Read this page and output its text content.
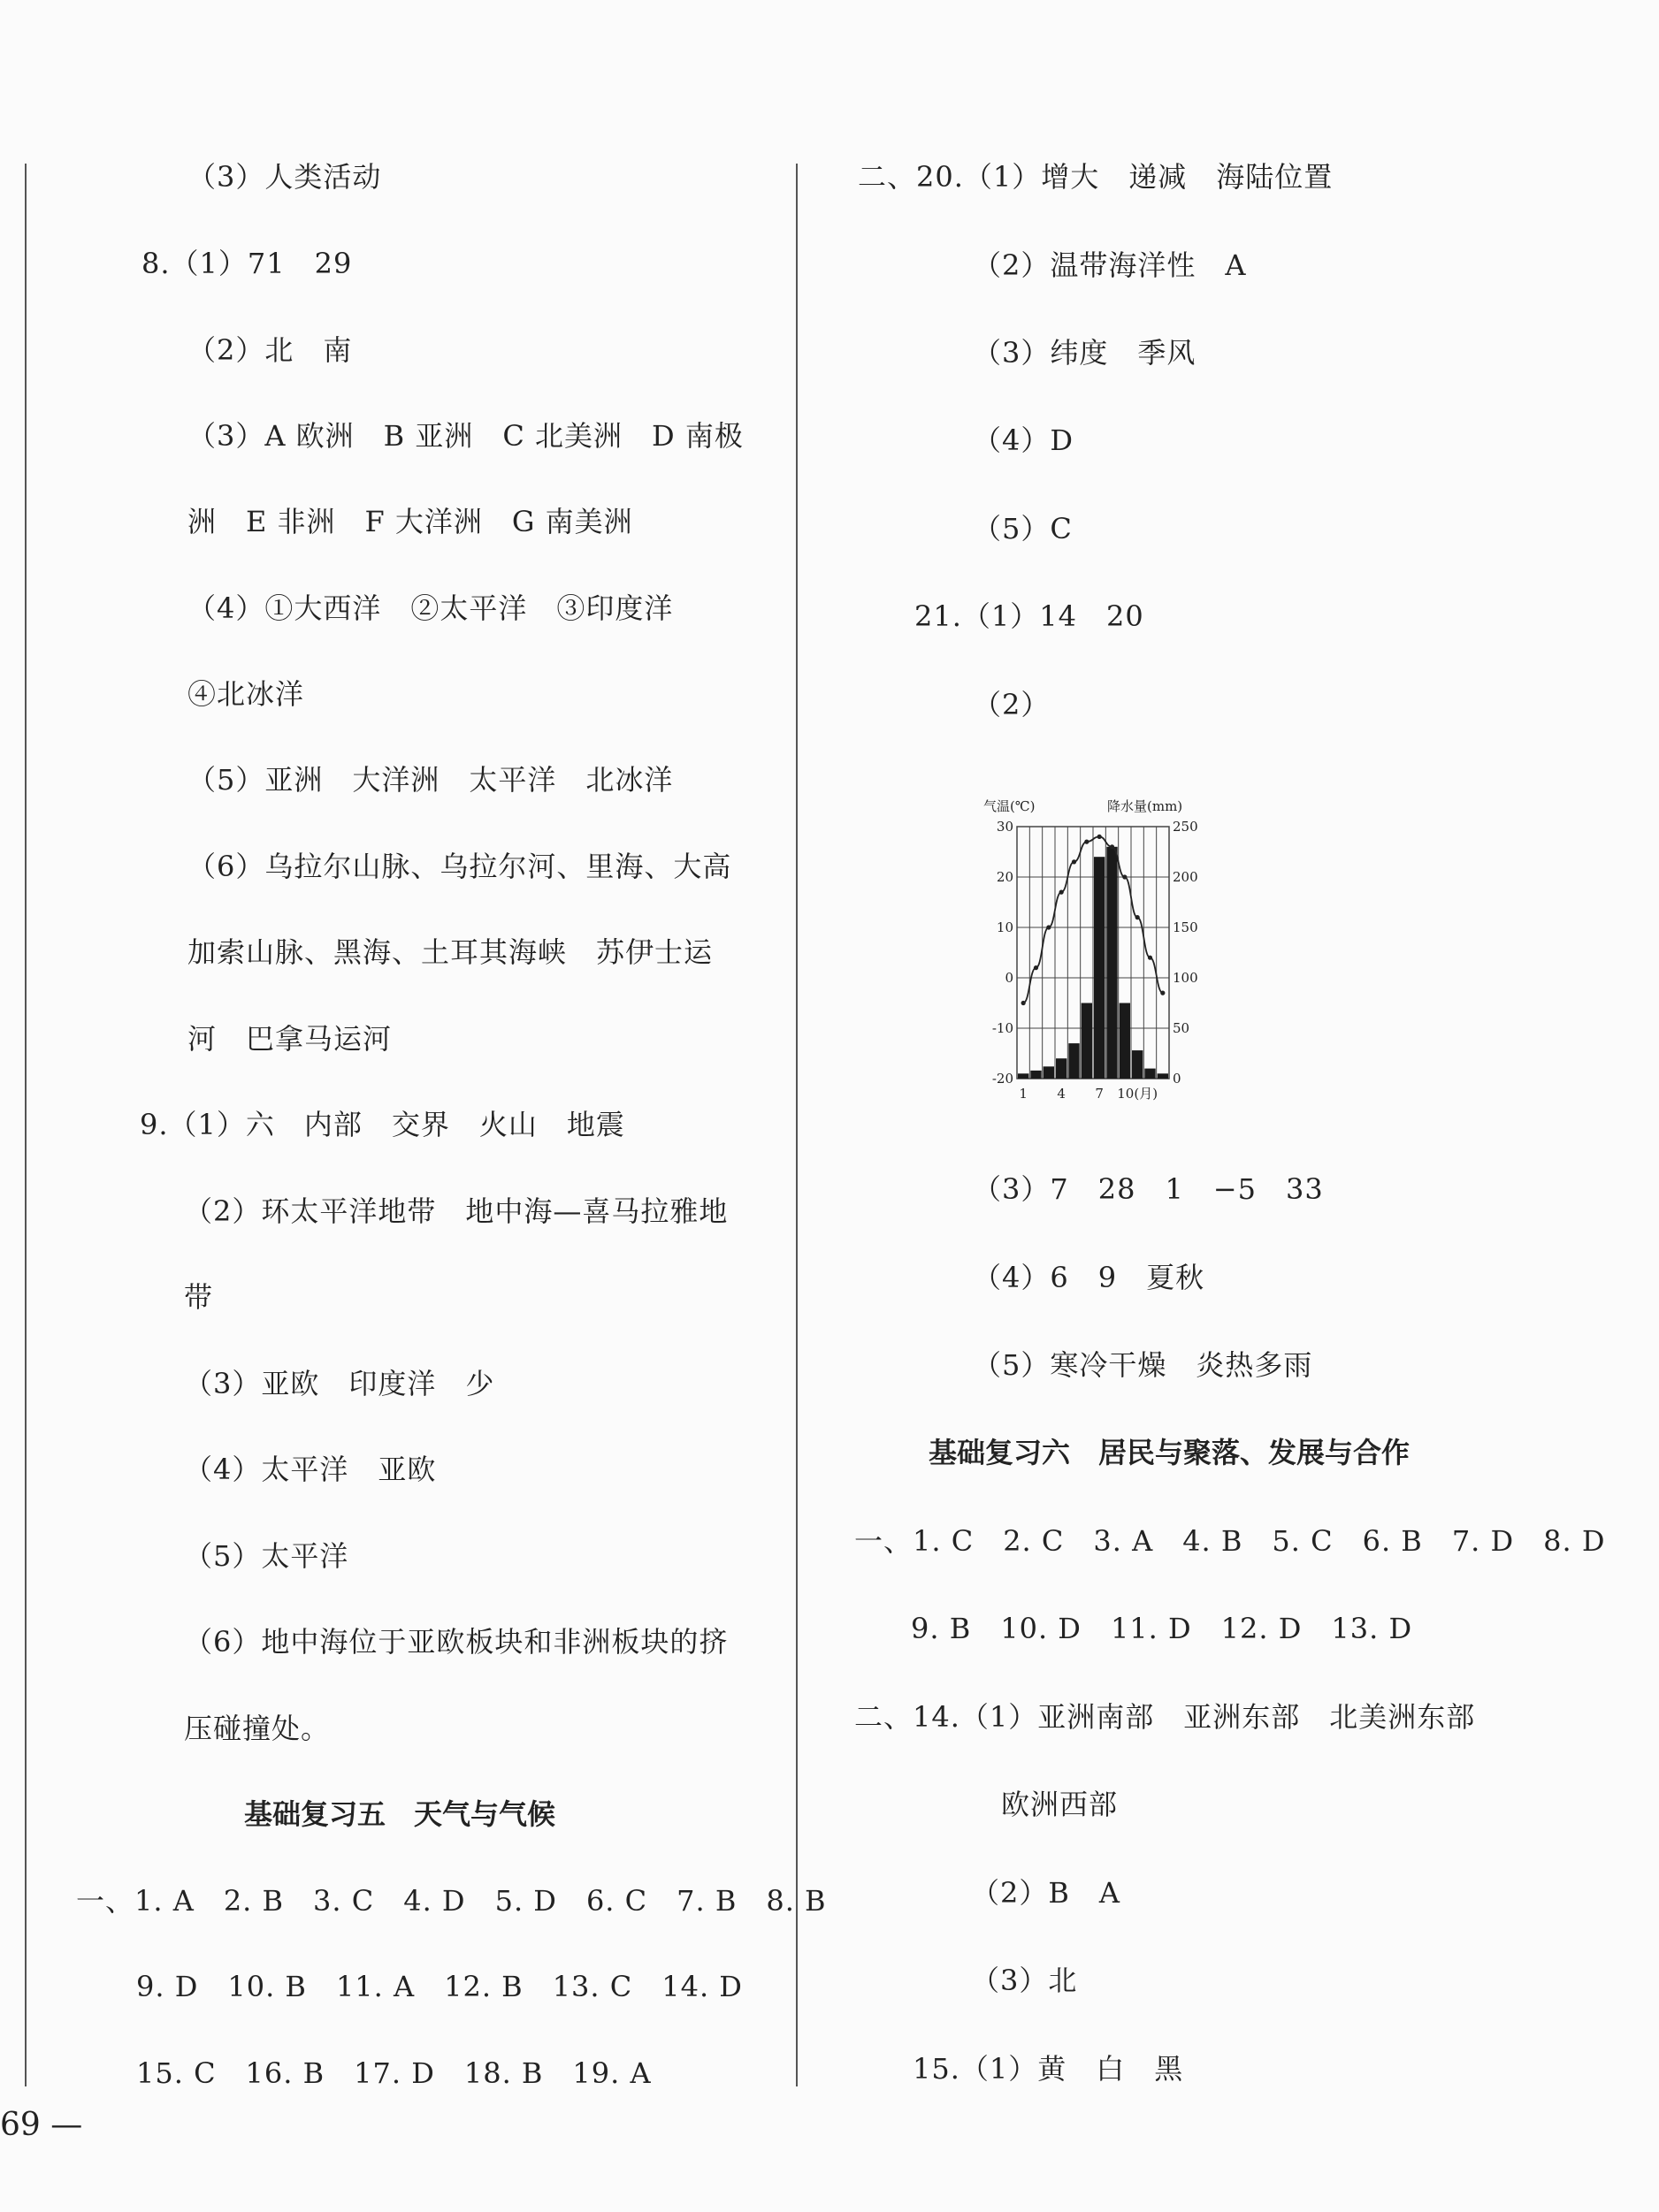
（3）人类活动
8.（1）71　29
（2）北　南
（3）A 欧洲　B 亚洲　C 北美洲　D 南极
洲　E 非洲　F 大洋洲　G 南美洲
（4）①大西洋　②太平洋　③印度洋
④北冰洋
（5）亚洲　大洋洲　太平洋　北冰洋
（6）乌拉尔山脉、乌拉尔河、里海、大高
加索山脉、黑海、土耳其海峡　苏伊士运
河　巴拿马运河
9.（1）六　内部　交界　火山　地震
（2）环太平洋地带　地中海—喜马拉雅地
带
（3）亚欧　印度洋　少
（4）太平洋　亚欧
（5）太平洋
（6）地中海位于亚欧板块和非洲板块的挤
压碰撞处。
基础复习五　天气与气候
一、1. A　2. B　3. C　4. D　5. D　6. C　7. B　8. B
9. D　10. B　11. A　12. B　13. C　14. D
15. C　16. B　17. D　18. B　19. A
二、20.（1）增大　递减　海陆位置
（2）温带海洋性　A
（3）纬度　季风
（4）D
（5）C
21.（1）14　20
（2）
气温(℃)	降水量(mm)
30
20
10
0
-10
-20
250
200
150
100
50
0
1 4 7 10(月)
（3）7　28　1　−5　33
（4）6　9　夏秋
（5）寒冷干燥　炎热多雨
基础复习六　居民与聚落、发展与合作
一、1. C　2. C　3. A　4. B　5. C　6. B　7. D　8. D
9. B　10. D　11. D　12. D　13. D
二、14.（1）亚洲南部　亚洲东部　北美洲东部
欧洲西部
（2）B　A
（3）北
15.（1）黄　白　黑
69 —
